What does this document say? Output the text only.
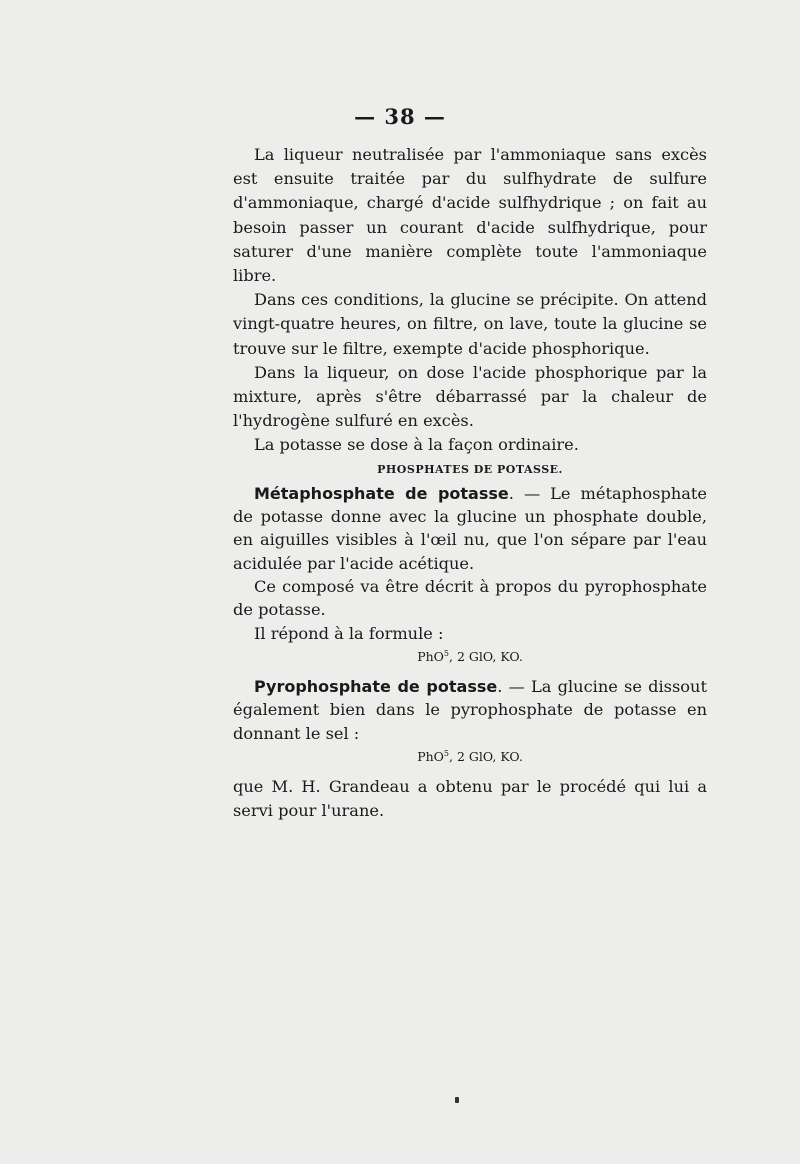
— 38 —

La liqueur neutralisée par l'ammoniaque sans excès est ensuite traitée par du sulfhydrate de sulfure d'ammoniaque, chargé d'acide sulfhydrique ; on fait au besoin passer un courant d'acide sulfhydrique, pour saturer d'une manière complète toute l'ammoniaque libre.

Dans ces conditions, la glucine se précipite. On attend vingt-quatre heures, on filtre, on lave, toute la glucine se trouve sur le filtre, exempte d'acide phosphorique.

Dans la liqueur, on dose l'acide phosphorique par la mixture, après s'être débarrassé par la chaleur de l'hydrogène sulfuré en excès.

La potasse se dose à la façon ordinaire.

PHOSPHATES DE POTASSE.

Métaphosphate de potasse. — Le métaphosphate de potasse donne avec la glucine un phosphate double, en aiguilles visibles à l'œil nu, que l'on sépare par l'eau acidulée par l'acide acétique.

Ce composé va être décrit à propos du pyrophosphate de potasse.

Il répond à la formule :

PhO$^5$, 2 GlO, KO.

Pyrophosphate de potasse. — La glucine se dissout également bien dans le pyrophosphate de potasse en donnant le sel :

PhO$^5$, 2 GlO, KO.

que M. H. Grandeau a obtenu par le procédé qui lui a servi pour l'urane.
